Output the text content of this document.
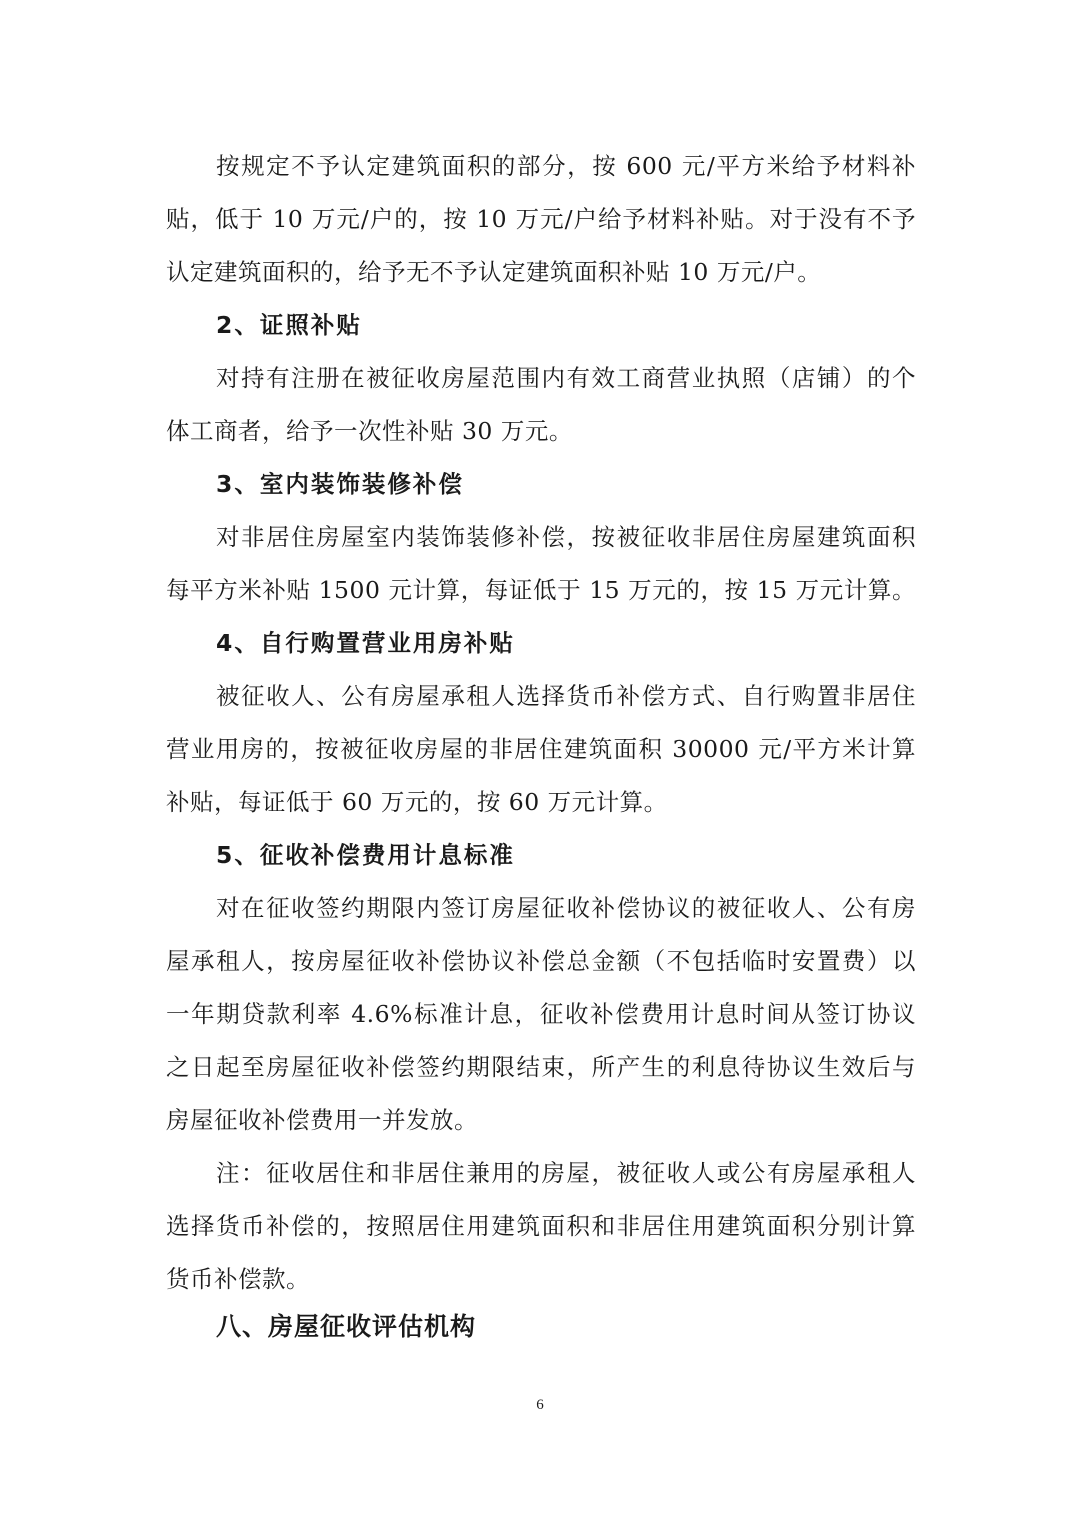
按规定不予认定建筑面积的部分，按 600 元/平方米给予材料补
贴，低于 10 万元/户的，按 10 万元/户给予材料补贴。对于没有不予
认定建筑面积的，给予无不予认定建筑面积补贴 10 万元/户。
2、证照补贴
对持有注册在被征收房屋范围内有效工商营业执照（店铺）的个
体工商者，给予一次性补贴 30 万元。
3、室内装饰装修补偿
对非居住房屋室内装饰装修补偿，按被征收非居住房屋建筑面积
每平方米补贴 1500 元计算，每证低于 15 万元的，按 15 万元计算。
4、自行购置营业用房补贴
被征收人、公有房屋承租人选择货币补偿方式、自行购置非居住
营业用房的，按被征收房屋的非居住建筑面积 30000 元/平方米计算
补贴，每证低于 60 万元的，按 60 万元计算。
5、征收补偿费用计息标准
对在征收签约期限内签订房屋征收补偿协议的被征收人、公有房
屋承租人，按房屋征收补偿协议补偿总金额（不包括临时安置费）以
一年期贷款利率 4.6%标准计息，征收补偿费用计息时间从签订协议
之日起至房屋征收补偿签约期限结束，所产生的利息待协议生效后与
房屋征收补偿费用一并发放。
注：征收居住和非居住兼用的房屋，被征收人或公有房屋承租人
选择货币补偿的，按照居住用建筑面积和非居住用建筑面积分别计算
货币补偿款。
八、房屋征收评估机构
6
